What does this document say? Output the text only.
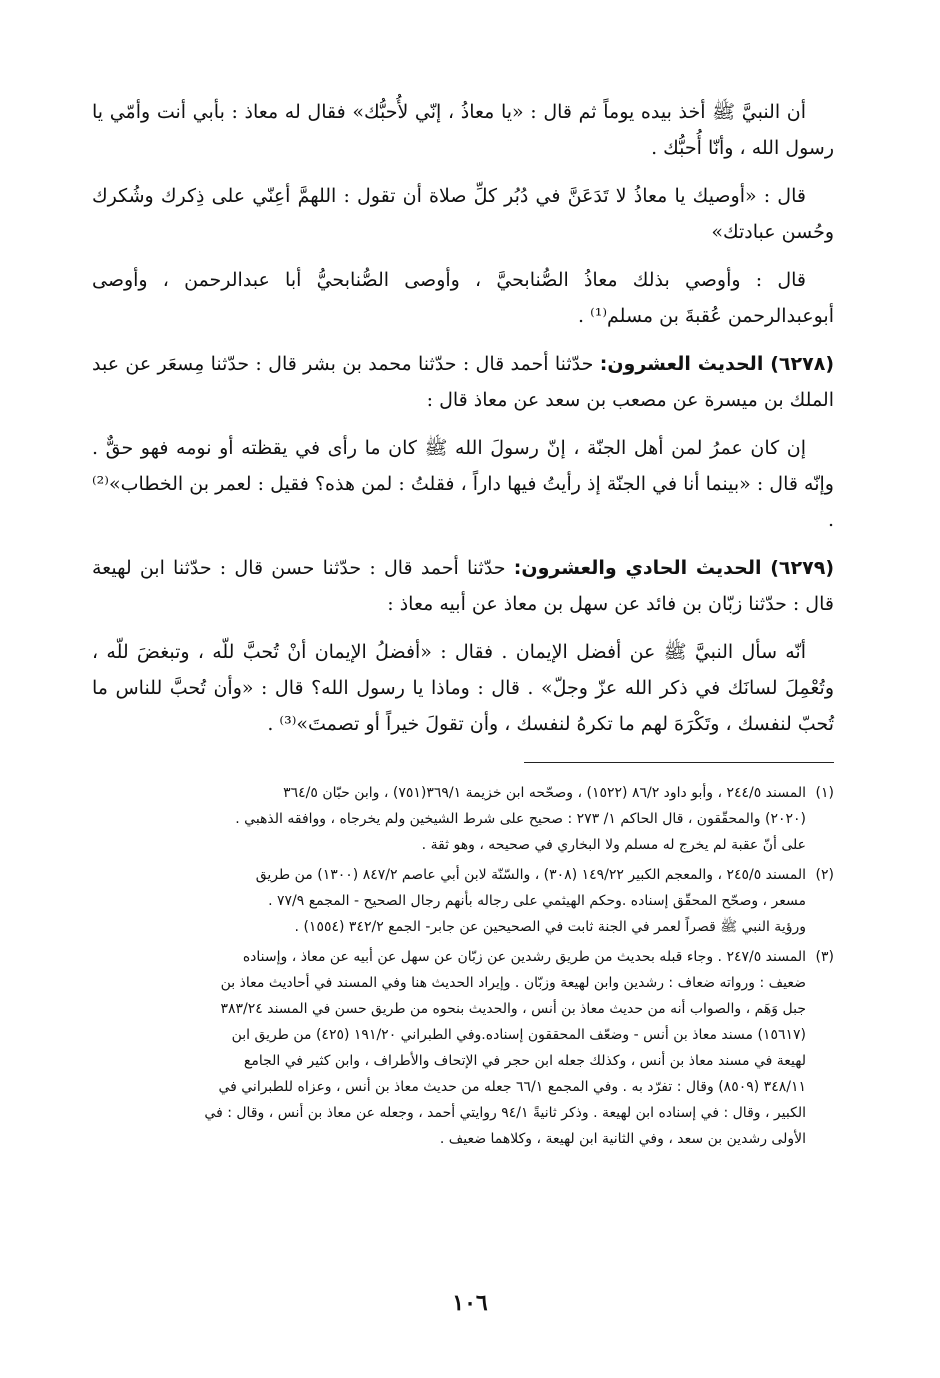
أن النبيَّ ﷺ أخذ بيده يوماً ثم قال : «يا معاذُ ، إنّي لأُحبُّك» فقال له معاذ : بأبي أنت وأمّي يا رسول الله ، وأنّا أُحبُّك .

قال : «أوصيك يا معاذُ لا تَدَعَنَّ في دُبُر كلِّ صلاة أن تقول : اللهمَّ أعِنّي على ذِكرك وشُكرك وحُسن عبادتك»

قال : وأوصي بذلك معاذُ الصُّنابحيَّ ، وأوصى الصُّنابحيُّ أبا عبدالرحمن ، وأوصى أبوعبدالرحمن عُقبةَ بن مسلم⁽¹⁾ .

(٦٢٧٨) الحديث العشرون: حدّثنا أحمد قال : حدّثنا محمد بن بشر قال : حدّثنا مِسعَر عن عبد الملك بن ميسرة عن مصعب بن سعد عن معاذ قال :

إن كان عمرُ لمن أهل الجنّة ، إنّ رسولَ الله ﷺ كان ما رأى في يقظته أو نومه فهو حقٌّ . وإنّه قال : «بينما أنا في الجنّة إذ رأيتُ فيها داراً ، فقلتُ : لمن هذه؟ فقيل : لعمر بن الخطاب»⁽²⁾ .

(٦٢٧٩) الحديث الحادي والعشرون: حدّثنا أحمد قال : حدّثنا حسن قال : حدّثنا ابن لهيعة قال : حدّثنا زبّان بن فائد عن سهل بن معاذ عن أبيه معاذ :

أنّه سأل النبيَّ ﷺ عن أفضل الإيمان . فقال : «أفضلُ الإيمان أنْ تُحبَّ للّه ، وتبغضَ للّه ، وتُعْمِلَ لسانَك في ذكر الله عزّ وجلّ» . قال : وماذا يا رسول الله؟ قال : «وأن تُحبَّ للناس ما تُحبّ لنفسك ، وتَكْرَهَ لهم ما تكرهُ لنفسك ، وأن تقولَ خيراً أو تصمتَ»⁽³⁾ .

(١)
المسند ٢٤٤/٥ ، وأبو داود ٨٦/٢ (١٥٢٢) ، وصحّحه ابن خزيمة ٣٦٩/١(٧٥١) ، وابن حبّان ٣٦٤/٥
(٢٠٢٠) والمحقّقون ، قال الحاكم ١/ ٢٧٣ : صحيح على شرط الشيخين ولم يخرجاه ، ووافقه الذهبي .
على أنّ عقبة لم يخرج له مسلم ولا البخاري في صحيحه ، وهو ثقة .
(٢)
المسند ٢٤٥/٥ ، والمعجم الكبير ١٤٩/٢٢ (٣٠٨) ، والسّنّة لابن أبي عاصم ٨٤٧/٢ (١٣٠٠) من طريق
مسعر ، وصحّح المحقّق إسناده .وحكم الهيثمي على رجاله بأنهم رجال الصحيح - المجمع ٧٧/٩ .
ورؤية النبي ﷺ قصراً لعمر في الجنة ثابت في الصحيحين عن جابر- الجمع ٣٤٢/٢ (١٥٥٤) .
(٣)
المسند ٢٤٧/٥ . وجاء قبله بحديث من طريق رشدين عن زبّان عن سهل عن أبيه عن معاذ ، وإسناده
ضعيف : ورواته ضعاف : رشدين وابن لهيعة وزبّان . وإيراد الحديث هنا وفي المسند في أحاديث معاذ بن
جبل وَهَم ، والصواب أنه من حديث معاذ بن أنس ، والحديث بنحوه من طريق حسن في المسند ٣٨٣/٢٤
(١٥٦١٧) مسند معاذ بن أنس - وضعّف المحققون إسناده.وفي الطبراني ١٩١/٢٠ (٤٢٥) من طريق ابن
لهيعة في مسند معاذ بن أنس ، وكذلك جعله ابن حجر في الإتحاف والأطراف ، وابن كثير في الجامع
٣٤٨/١١ (٨٥٠٩) وقال : تفرّد به . وفي المجمع ٦٦/١ جعله من حديث معاذ بن أنس ، وعزاه للطبراني في
الكبير ، وقال : في إسناده ابن لهيعة . وذكر ثانيةً ٩٤/١ روايتي أحمد ، وجعله عن معاذ بن أنس ، وقال : في
الأولى رشدين بن سعد ، وفي الثانية ابن لهيعة ، وكلاهما ضعيف .
١٠٦
